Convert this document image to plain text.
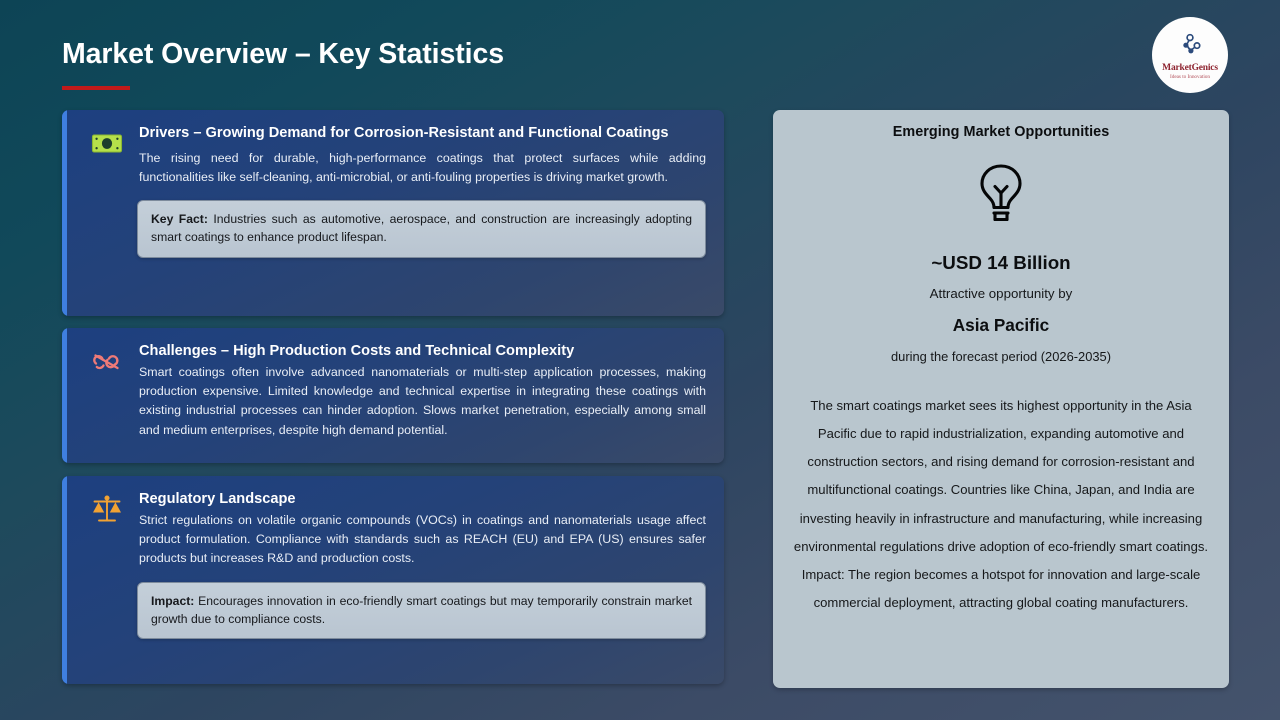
Market Overview – Key Statistics	MarketGenics
Ideas to Innovation
Drivers – Growing Demand for Corrosion-Resistant and Functional Coatings
The rising need for durable, high-performance coatings that protect surfaces while adding functionalities like self-cleaning, anti-microbial, or anti-fouling properties is driving market growth.
Key Fact: Industries such as automotive, aerospace, and construction are increasingly adopting smart coatings to enhance product lifespan.
Challenges – High Production Costs and Technical Complexity
Smart coatings often involve advanced nanomaterials or multi-step application processes, making production expensive. Limited knowledge and technical expertise in integrating these coatings with existing industrial processes can hinder adoption. Slows market penetration, especially among small and medium enterprises, despite high demand potential.
Regulatory Landscape
Strict regulations on volatile organic compounds (VOCs) in coatings and nanomaterials usage affect product formulation. Compliance with standards such as REACH (EU) and EPA (US) ensures safer products but increases R&D and production costs.
Impact: Encourages innovation in eco-friendly smart coatings but may temporarily constrain market growth due to compliance costs.
Emerging Market Opportunities
~USD 14 Billion
Attractive opportunity by
Asia Pacific
during the forecast period (2026-2035)
The smart coatings market sees its highest opportunity in the Asia Pacific due to rapid industrialization, expanding automotive and construction sectors, and rising demand for corrosion-resistant and multifunctional coatings. Countries like China, Japan, and India are investing heavily in infrastructure and manufacturing, while increasing environmental regulations drive adoption of eco-friendly smart coatings. Impact: The region becomes a hotspot for innovation and large-scale commercial deployment, attracting global coating manufacturers.
